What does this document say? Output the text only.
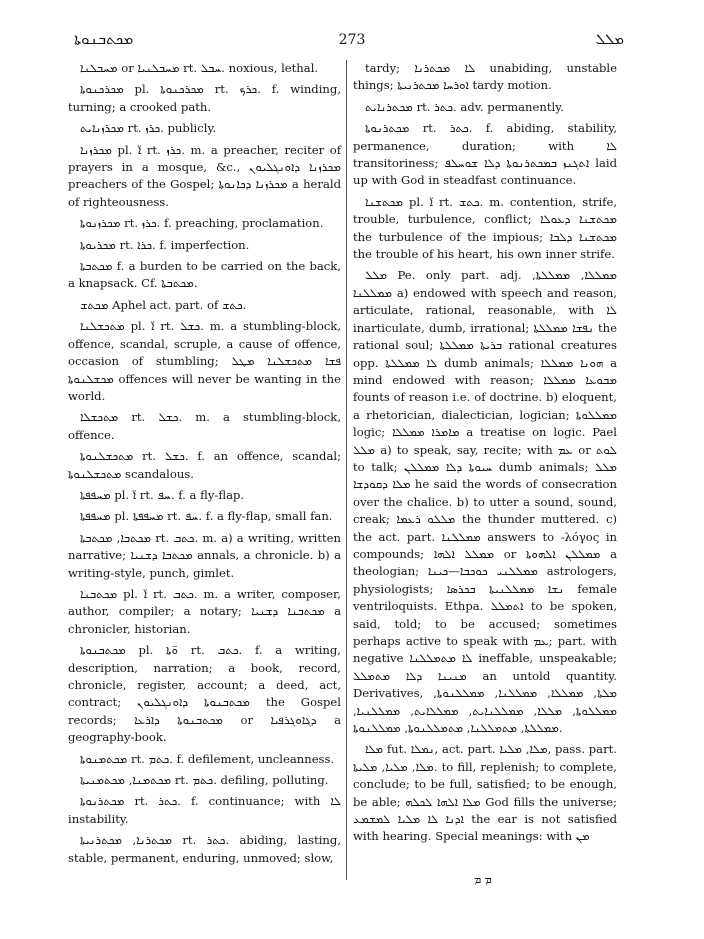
ܡܟܬܒܢܘܬܐ	273	ܡܠܠ

ܡܚܒܠܢܐ or ܡܚܒܠܢܝܐ rt. ܚܒܠ. noxious, lethal.

ܡܟܪܟܢܘܬܐ pl. ܡܟܪܟܢܘܬܐ rt. ܟܪܟ. f. winding, turning; a crooked path.

ܡܟܪܙܢܐܝܬ rt. ܟܪܙ. publicly.

ܡܟܪܙܢܐ pl. ܐ̈ rt. ܟܪܙ. m. a preacher, reciter of prayers in a mosque, &c., ܡܟܪܙܢܐ ܕܐܘܢܓܠܝܘܢ preachers of the Gospel; ܡܟܪܙܢܐ ܕܟܐܢܘܬܐ a herald of righteousness.

ܡܟܪܙܢܘܬܐ rt. ܟܪܙ. f. preaching, proclamation.

ܡܟܪܝܘܬܐ rt. ܟܪܐ. f. imperfection.

ܡܟܬܒܬܐ f. a burden to be carried on the back, a knapsack. Cf. ܡܟܬܒܬܐ.

ܡܟܬܫ Aphel act. part. of ܟܬܫ.

ܡܬܟܫܠܢܐ pl. ܐ̈ rt. ܟܫܠ. m. a stumbling-block, offence, scandal, scruple, a cause of offence, occasion of stumbling; ܦܫܐ ܡܬܟܫܠܢܐ ܡܛܠ ܡܟܫܠܢܘܬܐ offences will never be wanting in the world.

ܡܬܟܫܠܐ rt. ܟܫܠ. m. a stumbling-block, offence.

ܡܬܟܫܠܢܘܬܐ rt. ܟܫܠ. f. an offence, scandal; ܡܬܟܫܠܢܘܬܐ scandalous.

ܡܚܦܦܬܐ pl. ܐ̈ rt. ܚܦ. f. a fly-flap.

ܡܚܦܦܬܐ pl. ܡܚܦܦܬܐ rt. ܚܦ. f. a fly-flap, small fan.

ܡܟܬܒܐ, ܡܟܬܒܬܐ rt. ܟܬܒ. m. a) a writing, written narrative; ܡܟܬܒܐ ܕܫܢܝܐ annals, a chronicle. b) a writing-style, punch, gimlet.

ܡܟܬܒܢܐ pl. ܐ̈ rt. ܟܬܒ. m. a writer, composer, author, compiler; a notary; ܡܟܬܒܢܐ ܕܫܢܝܐ a chronicler, historian.

ܡܟܬܒܢܘܬܐ pl. ܘ̈ܬܐ rt. ܟܬܒ. f. a writing, description, narration; a book, record, chronicle, register, account; a deed, act, contract; ܡܟܬܒܢܘܬܐ ܕܐܘܢܓܠܝܘܢ the Gospel records; ܡܟܬܒܢܘܬܐ ܕܐܪܥܐ or ܕܓܐܘܓܪܦܝܐ a geography-book.

ܡܟܬܡܢܘܬܐ rt. ܟܬܡ. f. defilement, uncleanness.

ܡܟܬܡܢܐ, ܡܟܬܡܢܝܬܐ rt. ܟܬܡ. defiling, polluting.

ܡܟܬܪܢܘܬܐ rt. ܟܬܪ. f. continuance; with ܠܐ instability.

ܡܟܬܪܢܐ, ܡܟܬܪܢܝܬܐ rt. ܟܬܪ. abiding, lasting, stable, permanent, enduring, unmoved; slow,

tardy; ܠܐ ܡܟܬܪܢܐ unabiding, unstable things; ܐܘܪܚܐ ܡܟܬܪܢܝܬܐ tardy motion.

ܡܟܬܪܢܐܝܬ rt. ܟܬܪ. adv. permanently.

ܡܟܬܪܢܘܬܐ rt. ܟܬܪ. f. abiding, stability, permanence, duration; with ܠܐ transitoriness; ܐܬܓܢܙ ܒܡܟܬܪܢܘܬܐ ܕܠܐ ܫܘܚܠܦ laid up with God in steadfast continuance.

ܡܟܬܫܢܐ pl. ܐ̈ rt. ܟܬܫ. m. contention, strife, trouble, turbulence, conflict; ܡܟܬܫܢܐ ܕܥܘܠܐ the turbulence of the impious; ܡܟܬܫܢܐ ܕܠܒܐ the trouble of his heart, his own inner strife.

ܡܠܠ Pe. only part. adj. ܡܡܠܠܐ, ܡܡܠܠܬܐ, ܡܡܠܠܢܐ a) endowed with speech and reason, articulate, rational, reasonable, with ܠܐ inarticulate, dumb, irrational; ܢܦܫܐ ܡܡܠܠܬܐ the rational soul; ܒܪܝܬܐ ܡܡܠܠܬܐ rational creatures opp. ܠܐ ܡܡܠܠܬܐ dumb animals; ܗܘܢܐ ܡܡܠܠܐ a mind endowed with reason; ܡܒܘܥܐ ܡܡܠܠܐ founts of reason i.e. of doctrine. b) eloquent, a rhetorician, dialectician, logician; ܡܡܠܠܘܬܐ logic; ܡܐܡܪܐ ܡܡܠܠܐ a treatise on logic. Pael ܡܠܠ a) to speak, say, recite; with ܥܡ or ܠܘܬ to talk; ܚܝܘܬܐ ܕܠܐ ܡܡܠܠܢ dumb animals; ܡܠܠ ܡܠܐ ܕܩܘܕܫܐ he said the words of consecration over the chalice. b) to utter a sound, sound, creak; ܡܠܠܘ ܪܥܡܐ the thunder muttered. c) the act. part. ܡܡܠܠܢܐ answers to -λόγος in compounds; ܡܡܠܠ ܐܠܗܐ or ܡܡܠܠܢ ܐܠܗܘܬܐ a theologian; ܡܡܠܠܢܝ ܟܘܟܒܐ—ܟܝܢܐ astrologers, physiologists; ܢܫܐ ܡܡܠܠܢܝܬܐ ܒܟܪܣܐ female ventriloquists. Ethpa. ܐܬܡܠܠ to be spoken, said, told; to be accused; sometimes perhaps active to speak with ܥܡ; part. with negative ܠܐ ܡܬܡܠܠܢܐ ineffable, unspeakable; ܡܢܝܢܐ ܕܠܐ ܡܬܡܠܠ an untold quantity. Derivatives, ܡܠܬܐ, ܡܡܠܠܐ, ܡܡܠܠܢܐ, ܡܡܠܠܢܘܬܐ, ܡܡܠܠܘܬܐ, ܡܠܠܐ, ܡܡܠܠܢܐܝܬ, ܡܡܠܠܐܝܬ, ܡܡܠܠܢܝܐ, ܡܡܠܠܬܐ, ܡܬܡܠܠܢܐ, ܡܬܡܠܠܢܘܬܐ, ܡܡܠܠܢܘܬܐ.

ܡܠܐ fut. ܢܡܠܐ, act. part. ܡܠܐ, ܡܠܝܐ, pass. part. ܡܠܐ, ܡܠܝܐ, ܡܠܝܬܐ. to fill, replenish; to complete, conclude; to be full, satisfied; to be enough, be able; ܡܠܐ ܐܠܗܐ ܠܟܠܗ God fills the universe; ܐܕܢܐ ܠܐ ܡܠܝܐ ܠܡܫܡܥ the ear is not satisfied with hearing. Special meanings: with ܡܢ

ܡ ܡ
